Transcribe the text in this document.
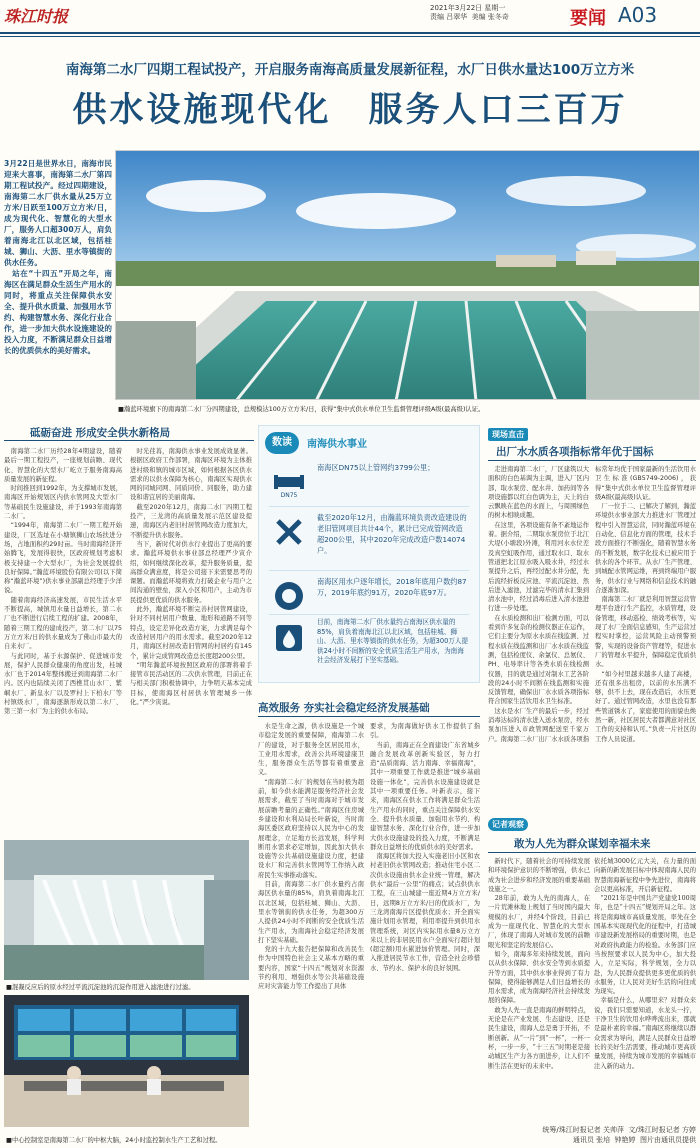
珠江时报	2021年3月22日 星期一
责编 吕翠华  美编 张冬奇	要闻 A03
南海第二水厂四期工程试投产，开启服务南海高质量发展新征程，水厂日供水量达100万立方米
供水设施现代化　服务人口三百万
3月22日是世界水日，南海市民迎来大喜事，南海第二水厂第四期工程试投产。经过四期建设，南海第二水厂供水量从25万立方米/日跃至100万立方米/日，成为现代化、智慧化的大型水厂，服务人口超300万人，肩负着南海北江以北区域，包括桂城、狮山、大沥、里水等镇街的供水任务。
　站在“十四五”开局之年，南海区在满足群众生活生产用水的同时，将重点关注保障供水安全、提升供水质量、加强用水节约、构建智慧水务、深化行业合作，进一步加大供水设施建设的投入力度，不断满足群众日益增长的优质供水的美好需求。
■瀚蓝环境旗下的南海第二水厂分四期建设，总规模达100万立方米/日，获得“集中式供水单位卫生监督管理评级A级(最高级)认证。
砥砺奋进 形成安全供水新格局
　南海第二水厂历经28年4期建设，随着最后一期工程投产，一座规划前瞻、现代化、智慧化的大型水厂屹立于服务南海高质量发展的新征程。
　时间推回到1992年，为支撑城市发展，南海区开始规划区内供水管网及大型水厂等基础民生设施建设，并于1993年南海第二水厂。
　“1994年，南海第二水厂一期工程开始建设，厂区选址在小塘镇狮山农场扶进分场，占地面积约29时亩。当时南海经济开始腾飞，发展得很快，区政府规划考虑积极支持建一个大型水厂，为社会发展提供良好保障。”瀚蓝环境股份有限公司(以下简称“瀚蓝环境”)供水事业部副总经理于少洋说。
　随着南海经济高速发展，市民生活水平不断提高，城镇用水量日益增长，第二水厂也不断进行启续工程的扩建。2008年，随着三期工程的建成投产，第二水厂以75万立方米/日的供水量成为了佛山市最大的自来水厂。
　与此同时，基于水源保护、促进城市发展，保护人民群众健康的角度出发，桂城水厂也于2014年整体搬迁到南海第二水厂内。区内也陆续关闭了西樵贯山水厂、紫峒水厂、新皇水厂以及罗村上下柏水厂等村镇级水厂，南海逐渐形成以第二水厂、第三第一水厂为主的供水布局。
　时光荏苒，南海供水事业发展成效显著。根据区政府工作部署，南海区环境为主体推进村级和镇的城市区域，如何根据各区供水需求的以供水保障为核心，南海区实现供水网的同城同网、同质同价、同服务，助力建设和谐宜居的美丽南海。
　截至2020年12月，南海二水厂四期工程投产，三龙湾的高质量发展示范区建设提速，南海区内老旧村居管网改造力度加大，不断提升供水服务。
　当下，新时代对供水行业提出了更高的要求。瀚蓝环境供水事业部总经理严少寅介绍，如何继续深化改革，提升服务质量，提高群众满意度，将是公司接下来需要思考的课题。而瀚蓝环境将致力打破企业与用户之间沟通的壁垒，深入小区和用户，主动为市民提供更优质的供水服务。
　此外，瀚蓝环境不断完善村居管网建设，针对不同村居用户数量、地形和道路不同等特点，设定差异化改造方案，力求满足每个改造村居用户的用水需求。截至2020年12月，南海区村居改造旧管网的村居约有145个，累计完成管网改造总长度超200公里。
　“明年瀚蓝环境按照区政府的部署将着手接管市民活动区的二次供水管理，目前正在与相关部门积极协调中，力争明天基本完成目标，使南海区村居供水管理城乡一体化。”严少寅说。
数读	南海供水事业
DN75
南海区DN75以上管网约3799公里；
截至2020年12月，由瀚蓝环境负责改造建设的老旧管网项目共计44个，累计已完成管网改造超200公里，其中2020年完成改造户数14074户。
南海区用水户逐年增长，2018年底用户数约87万，2019年底约91万，2020年底97万。
目前，南海第二水厂供水量约占南海区供水量的85%，肩负着南海北江以北区域，包括桂城、狮山、大沥、里水等镇街的供水任务，为超300万人提供24小时不间断的安全优质生活生产用水，为南海社会经济发展打下坚实基础。
高效服务 夯实社会稳定经济发展基础
　水是生命之源，供水设施是一个城市稳定发展的重要保障，南海第二水厂的建设，对于服务全区居民用水，工业用水需求，改善公共环境建康卫生，服务群众生活等都有着重要意义。
　“南海第二水厂的规划在当时极为超前，如今供水能满足服务经济社会发展需求，截至了当时南海对于城市发展前瞻考量的正确性。”南海区住房城乡建设和水利局局长叶新说，当时南海区委区政府坚持以人民为中心的发展理念，立足地方长远发展，科学判断用水需求必定增加，因此加大供水设施等公共基础设施建设力度，把建设水厂和完善供水管网等工作纳入政府民生实事推动落实。
　目前，南海第二水厂供水量约占南海区供水量的85%，肩负着南海北江以北区域，包括桂城、狮山、大沥、里水等镇街的供水任务，为超300万人提供24小时不间断的安全优质生活生产用水，为南海社会稳定经济发展打下坚实基础。
　党的十九大报告把保障和改善民生作为中国特色社会主义基本方略的重要内容，国家“十四五”规划对水资源节约利用、增强供水等公共基础设施应对灾害能力等工作提出了具体
要求，为南海做好供水工作提供了指引。
　当前，南海正在全面建设广东省城乡融合发展改革创新实验区，努力打造“品质南海、活力南海、幸福南海”，其中一项重要工作就是推进“城乡基础设施一体化”，完善供水设施建设就是其中一项重要任务。叶新表示，接下来，南海区在供水工作将满足群众生活生产用水的同时，重点关注保障供水安全、提升供水质量、加强用水节约、构建智慧水务、深化行业合作，进一步加大供水设施建设的投入力度，不断满足群众日益增长的优质供水的美好需求。
　南海区将加大投入实施老旧小区和农村老旧供水管网改造；推动住宅小区二次供水设施由供水企业统一管理，解决供水“最后一公里”的痛点；试点供供水工程，在三山城建一座近期4万立方米/日，远期8万立方米/日的优质水厂，为三龙湾南海片区提供优质水；开全面实施计划用水管理，利用率提升到供用水管理系统，对区内实际用水量8万立方米以上的非居民用水户全面实行超计划(超定额)用水累进加价管理。同时，深入推进居民节水工作，营造全社会珍惜水、节约水、保护水的良好氛围。
现场直击
出厂水水质各项指标常年优于国标
　走进南海第二水厂，厂区建筑以大面积的白色基调为主调，进入厂区内部，取水泵房、配水井、加药间等各项设施都以红白色调为主，天上的白云飘映在蓝色的水面上，与周围绿色的树木相映成趣。
　在这里，各项设施有条不紊地运作着。据介绍，二期取水泵房位于北江大堤(小塘段)外滩，利用河水水位差及真空虹吸作用，通过取水口、取水管道把北江原水吸入吸水井，经过水泵提升之后，再经过配水井分配，先后流经折板反应池、平流沉淀池、然后进入滤池，过滤完毕的清水汇集到清水池中，经过消毒后进入清水池进行进一步处理。
　在水质检测和出厂检测方面，可以看到许多复杂的检测仪器正在运作，它们主要分为原水水质在线监测、过程水质在线监测和出厂水水质在线监测，包括检度仪、余氯仪、总氨仪、PH、电导率计等各类水质在线检测仪器，目的就是通过对制水工艺各阶段的24小时不间断在线监测和实施反馈管理，确保出厂水水质各项指标符合国家生活饮用水卫生标准。
　这水是水厂生产的最后一步，经过消毒达标的清水进入送水泵房，经水泵加压进入市政管网配送至千家万户。南海第二水厂出厂水水质各项指标常年均优于国家最新的生活饮用水卫生标准(GB5749-2006)，获得“集中式供水单位卫生监督管理评级A级(最高级)认证。
　厂一位于二、已解决了解到，瀚蓝环境供水事业部大力推进水厂管理过程中引入智慧运营，同时瀚蓝环境在自动化、信息化方面的管理，技术手段方面推行不断强化，随着智慧水务的不断发展，数字化技术已被应用于供水的各个环节。从水厂生产管理、到城配水管网运维，再到终端用户服务，供水行业与网络和信息技术的融合逐渐加深。
　南海第二水厂就是利用智慧运营管理平台进行生产监控，水质管理，设备管理，移动巡检、绩效考核等，实现了水厂全面信息感知，生产运营过程实时掌控，运营风险主动预警预警，实现的设备资产管理等，促进水厂的管理水平提升，保障稳定优质供水。
　“如今村里越来越多人建了高楼，还有很多出租房，以前的水压满不够，供不上去，现在改造后，水压更好了。通过管网改造，水里也没有那些管道锈水了，家庭使用的面貌也焕然一新，社区居民大者都满意对社区工作的支持和认可。”负责一片社区的工作人员说道。
记者观察
敢为人先为群众谋划幸福未来
　新时代下，随着社会的可持续发展和环境保护意识的不断增强，供水已成为社会进步和经济发展的重要基础设施之一。
　28年前，敢为人先的南海人，在一片荒滩林地上规划了当时国内最大规模的水厂，并经4个阶段，目前已成为一座现代化、智慧化的大型水厂，体现了南海人对城市发展的前瞻眼光和坚定的发展信心。
　如今，南海多年来持续发展，面向以从供水保障、供水安全等到水质提升等方面，其中供水事业得到了有力保障，使得能够满足人们日益增长的用水需求，成为南海经济社会持续发展的保障。
　敢为人先一直是南海的鲜明特点，无论是在产业发展、生态建设、还是民生建设，南海人总是勇于开拓，不断创新。从“一片”到“一杯”，一杯一杯，一步一步，“十三五”时期老是接动城区生产力各方面进步，让人们不断生活在更好的未来中。
依托城3000亿元大关，在力量的面向新的新发展目标中体现南海人民的智慧南海新征程中争先进位，南海将会以更高标准，开启新征程。
　“2021年是中国共产党建党100周年，也是“十四五”规划开局之年。这将是南海城市高质量发展，率先在全国基本实现现代化的征程中，打造城市建设新发展格局的重要时期，也是对政府执政能力的检验。水务部门应当按照要求以人民为中心，加大投入，立足实际，科学规划，全力以赴，为人民群众提供更多更优质的供水服务，让人民对美好生活的向往成为现实。
　幸福是什么，从哪里来？对群众来说，我们只需要知道，水龙头一拧，干净卫生的饮用水哗哗流出来，那就是最朴素的幸福。”南海区将继续以群众需求为导向，满足人民群众日益增长的美好生活需要，推动城市更高质量发展，持续为城市发展的幸福城市注入新的动力。
■混凝反应后的原水经过平流沉淀池的沉淀作用进入滤池进行过滤。
■中心控制室是南海第二水厂的中枢大脑，24小时监控制水生产工艺和过程。
统筹/珠江时报记者 关帅萍  文/珠江时报记者 方婷
通讯员 张培  钟艳婷  图片由通讯员提供
